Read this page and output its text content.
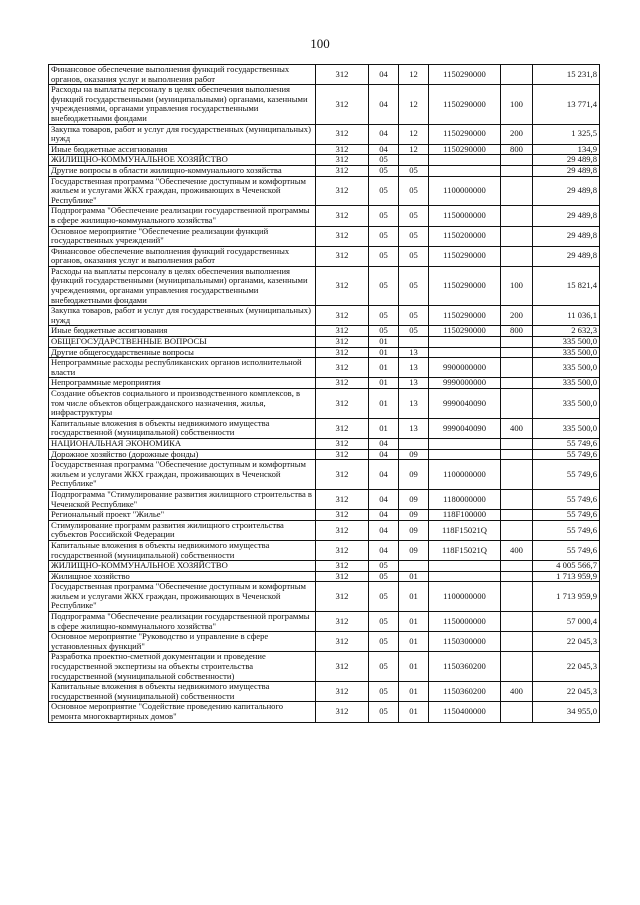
100
Финансовое обеспечение выполнения функций государственных органов, оказания услуг и выполнения работ	312	04	12	1150290000		15 231,8
Расходы на выплаты персоналу в целях обеспечения выполнения функций государственными (муниципальными) органами, казенными учреждениями, органами управления государственными внебюджетными фондами	312	04	12	1150290000	100	13 771,4
Закупка товаров, работ и услуг для государственных (муниципальных) нужд	312	04	12	1150290000	200	1 325,5
Иные бюджетные ассигнования	312	04	12	1150290000	800	134,9
ЖИЛИЩНО-КОММУНАЛЬНОЕ ХОЗЯЙСТВО	312	05				29 489,8
Другие вопросы в области жилищно-коммунального хозяйства	312	05	05			29 489,8
Государственная программа "Обеспечение доступным и комфортным жильем и услугами ЖКХ граждан, проживающих в Чеченской Республике"	312	05	05	1100000000		29 489,8
Подпрограмма "Обеспечение реализации государственной программы в сфере жилищно-коммунального хозяйства"	312	05	05	1150000000		29 489,8
Основное мероприятие "Обеспечение реализации функций государственных учреждений"	312	05	05	1150200000		29 489,8
Финансовое обеспечение выполнения функций государственных органов, оказания услуг и выполнения работ	312	05	05	1150290000		29 489,8
Расходы на выплаты персоналу в целях обеспечения выполнения функций государственными (муниципальными) органами, казенными учреждениями, органами управления государственными внебюджетными фондами	312	05	05	1150290000	100	15 821,4
Закупка товаров, работ и услуг для государственных (муниципальных) нужд	312	05	05	1150290000	200	11 036,1
Иные бюджетные ассигнования	312	05	05	1150290000	800	2 632,3
ОБЩЕГОСУДАРСТВЕННЫЕ ВОПРОСЫ	312	01				335 500,0
Другие общегосударственные вопросы	312	01	13			335 500,0
Непрограммные расходы республиканских органов исполнительной власти	312	01	13	9900000000		335 500,0
Непрограммные мероприятия	312	01	13	9990000000		335 500,0
Создание объектов социального и производственного комплексов, в том числе объектов общегражданского назначения, жилья, инфраструктуры	312	01	13	9990040090		335 500,0
Капитальные вложения в объекты недвижимого имущества государственной (муниципальной) собственности	312	01	13	9990040090	400	335 500,0
НАЦИОНАЛЬНАЯ ЭКОНОМИКА	312	04				55 749,6
Дорожное хозяйство (дорожные фонды)	312	04	09			55 749,6
Государственная программа "Обеспечение доступным и комфортным жильем и услугами ЖКХ граждан, проживающих в Чеченской Республике"	312	04	09	1100000000		55 749,6
Подпрограмма "Стимулирование развития жилищного строительства в Чеченской Республике"	312	04	09	1180000000		55 749,6
Региональный проект "Жилье"	312	04	09	118F100000		55 749,6
Стимулирование программ развития жилищного строительства субъектов Российской Федерации	312	04	09	118F15021Q		55 749,6
Капитальные вложения в объекты недвижимого имущества государственной (муниципальной) собственности	312	04	09	118F15021Q	400	55 749,6
ЖИЛИЩНО-КОММУНАЛЬНОЕ ХОЗЯЙСТВО	312	05				4 005 566,7
Жилищное хозяйство	312	05	01			1 713 959,9
Государственная программа "Обеспечение доступным и комфортным жильем и услугами ЖКХ граждан, проживающих в Чеченской Республике"	312	05	01	1100000000		1 713 959,9
Подпрограмма "Обеспечение реализации государственной программы в сфере жилищно-коммунального хозяйства"	312	05	01	1150000000		57 000,4
Основное мероприятие "Руководство и управление в сфере установленных функций"	312	05	01	1150300000		22 045,3
Разработка проектно-сметной документации и проведение государственной экспертизы на объекты строительства государственной (муниципальной собственности)	312	05	01	1150360200		22 045,3
Капитальные вложения в объекты недвижимого имущества государственной (муниципальной) собственности	312	05	01	1150360200	400	22 045,3
Основное мероприятие "Содействие проведению капитального ремонта многоквартирных домов"	312	05	01	1150400000		34 955,0
